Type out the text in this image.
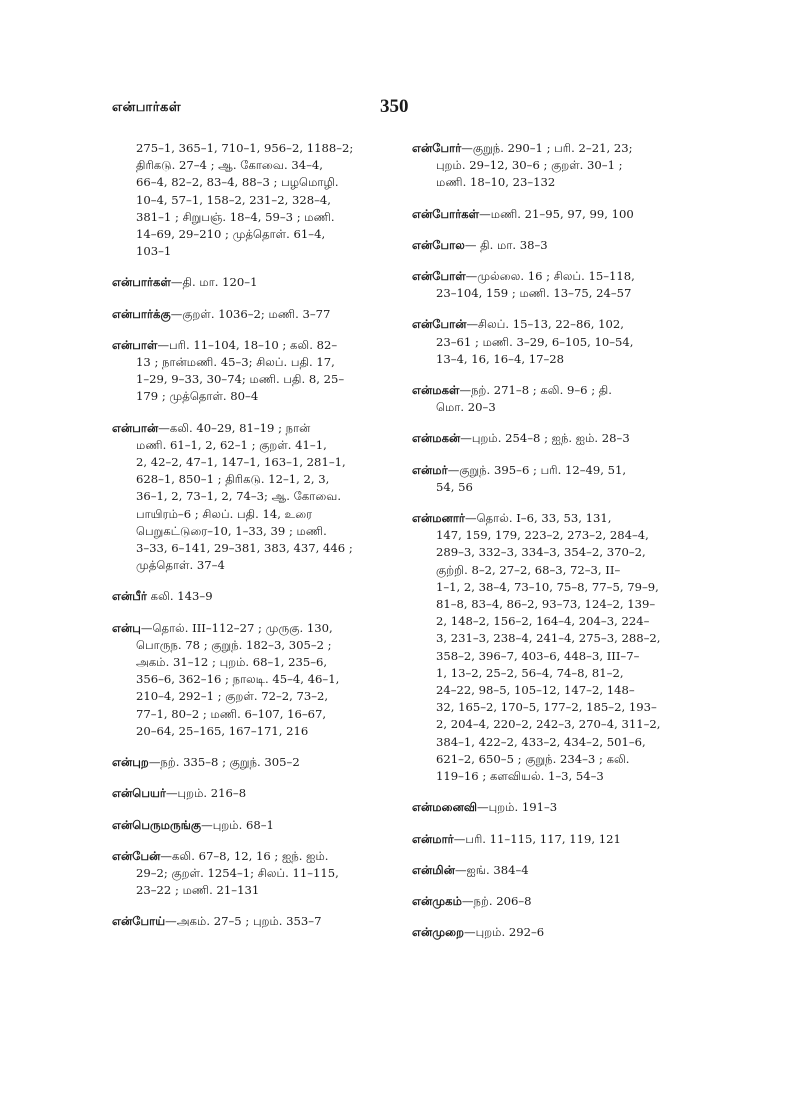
என்பார்கள்	350
275–1, 365–1, 710–1, 956–2, 1188–2;
திரிகடு. 27–4 ; ஆ. கோவை. 34–4,
66–4, 82–2, 83–4, 88–3 ; பழமொழி.
10–4, 57–1, 158–2, 231–2, 328–4,
381–1 ; சிறுபஞ். 18–4, 59–3 ; மணி.
14–69, 29–210 ; முத்தொள். 61–4,
103–1
என்பார்கள்—தி. மா. 120–1
என்பார்க்கு—குறள். 1036–2; மணி. 3–77
என்பாள்—பரி. 11–104, 18–10 ; கலி. 82–
13 ; நான்மணி. 45–3; சிலப். பதி. 17,
1–29, 9–33, 30–74; மணி. பதி. 8, 25–
179 ; முத்தொள். 80–4
என்பான்—கலி. 40–29, 81–19 ; நான்
மணி. 61–1, 2, 62–1 ; குறள். 41–1,
2, 42–2, 47–1, 147–1, 163–1, 281–1,
628–1, 850–1 ; திரிகடு. 12–1, 2, 3,
36–1, 2, 73–1, 2, 74–3; ஆ. கோவை.
பாயிரம்–6 ; சிலப். பதி. 14, உரை
பெறுகட்டுரை–10, 1–33, 39 ; மணி.
3–33, 6–141, 29–381, 383, 437, 446 ;
முத்தொள். 37–4
என்பீர் கலி. 143–9
என்பு—தொல். III–112–27 ; முருகு. 130,
பொருந. 78 ; குறுந். 182–3, 305–2 ;
அகம். 31–12 ; புறம். 68–1, 235–6,
356–6, 362–16 ; நாலடி. 45–4, 46–1,
210–4, 292–1 ; குறள். 72–2, 73–2,
77–1, 80–2 ; மணி. 6–107, 16–67,
20–64, 25–165, 167–171, 216
என்புற—நற். 335–8 ; குறுந். 305–2
என்பெயர்—புறம். 216–8
என்பெருமருங்கு—புறம். 68–1
என்பேன்—கலி. 67–8, 12, 16 ; ஐந். ஐம்.
29–2; குறள். 1254–1; சிலப். 11–115,
23–22 ; மணி. 21–131
என்போய்—அகம். 27–5 ; புறம். 353–7
என்போர்—குறுந். 290–1 ; பரி. 2–21, 23;
புறம். 29–12, 30–6 ; குறள். 30–1 ;
மணி. 18–10, 23–132
என்போர்கள்—மணி. 21–95, 97, 99, 100
என்போல— தி. மா. 38–3
என்போள்—முல்லை. 16 ; சிலப். 15–118,
23–104, 159 ; மணி. 13–75, 24–57
என்போன்—சிலப். 15–13, 22–86, 102,
23–61 ; மணி. 3–29, 6–105, 10–54,
13–4, 16, 16–4, 17–28
என்மகள்—நற். 271–8 ; கலி. 9–6 ; தி.
மொ. 20–3
என்மகன்—புறம். 254–8 ; ஐந். ஐம். 28–3
என்மர்—குறுந். 395–6 ; பரி. 12–49, 51,
54, 56
என்மனார்—தொல். I–6, 33, 53, 131,
147, 159, 179, 223–2, 273–2, 284–4,
289–3, 332–3, 334–3, 354–2, 370–2,
குற்றி. 8–2, 27–2, 68–3, 72–3, II–
1–1, 2, 38–4, 73–10, 75–8, 77–5, 79–9,
81–8, 83–4, 86–2, 93–73, 124–2, 139–
2, 148–2, 156–2, 164–4, 204–3, 224–
3, 231–3, 238–4, 241–4, 275–3, 288–2,
358–2, 396–7, 403–6, 448–3, III–7–
1, 13–2, 25–2, 56–4, 74–8, 81–2,
24–22, 98–5, 105–12, 147–2, 148–
32, 165–2, 170–5, 177–2, 185–2, 193–
2, 204–4, 220–2, 242–3, 270–4, 311–2,
384–1, 422–2, 433–2, 434–2, 501–6,
621–2, 650–5 ; குறுந். 234–3 ; கலி.
119–16 ; களவியல். 1–3, 54–3
என்மனைவி—புறம். 191–3
என்மார்—பரி. 11–115, 117, 119, 121
என்மின்—ஐங். 384–4
என்முகம்—நற். 206–8
என்முறை—புறம். 292–6
